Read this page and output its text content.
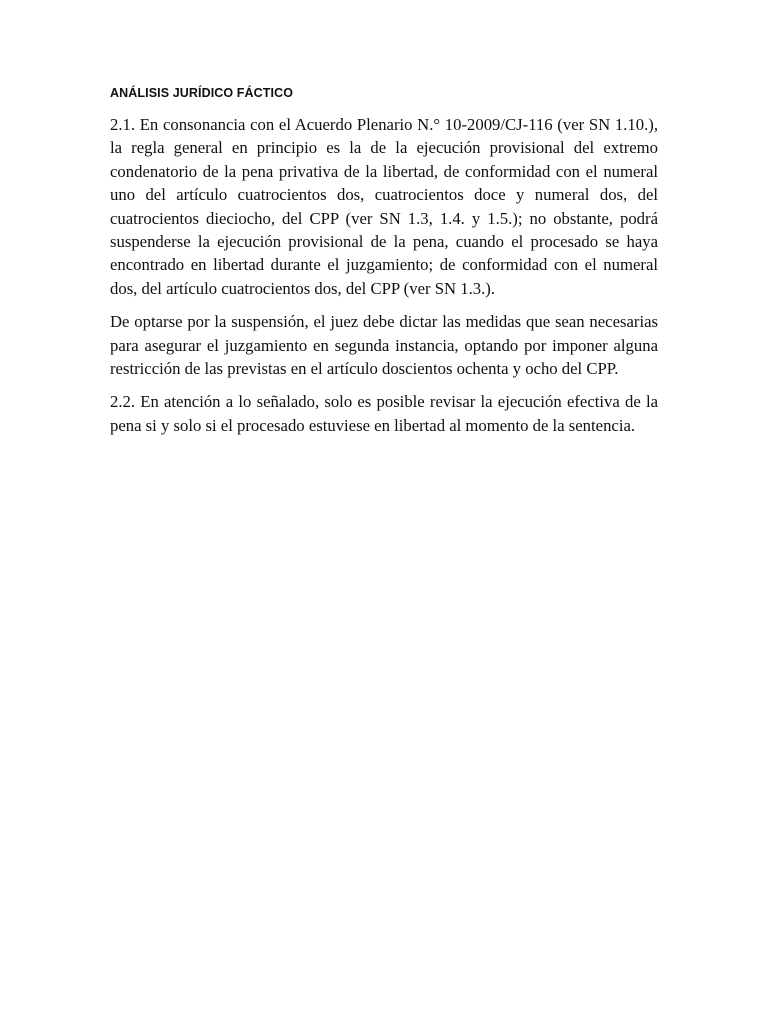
ANÁLISIS JURÍDICO FÁCTICO

2.1. En consonancia con el Acuerdo Plenario N.° 10-2009/CJ-116 (ver SN 1.10.), la regla general en principio es la de la ejecución provisional del extremo condenatorio de la pena privativa de la libertad, de conformidad con el numeral uno del artículo cuatrocientos dos, cuatrocientos doce y numeral dos, del cuatrocientos dieciocho, del CPP (ver SN 1.3, 1.4. y 1.5.); no obstante, podrá suspenderse la ejecución provisional de la pena, cuando el procesado se haya encontrado en libertad durante el juzgamiento; de conformidad con el numeral dos, del artículo cuatrocientos dos, del CPP (ver SN 1.3.).

De optarse por la suspensión, el juez debe dictar las medidas que sean necesarias para asegurar el juzgamiento en segunda instancia, optando por imponer alguna restricción de las previstas en el artículo doscientos ochenta y ocho del CPP.

2.2. En atención a lo señalado, solo es posible revisar la ejecución efectiva de la pena si y solo si el procesado estuviese en libertad al momento de la sentencia.
